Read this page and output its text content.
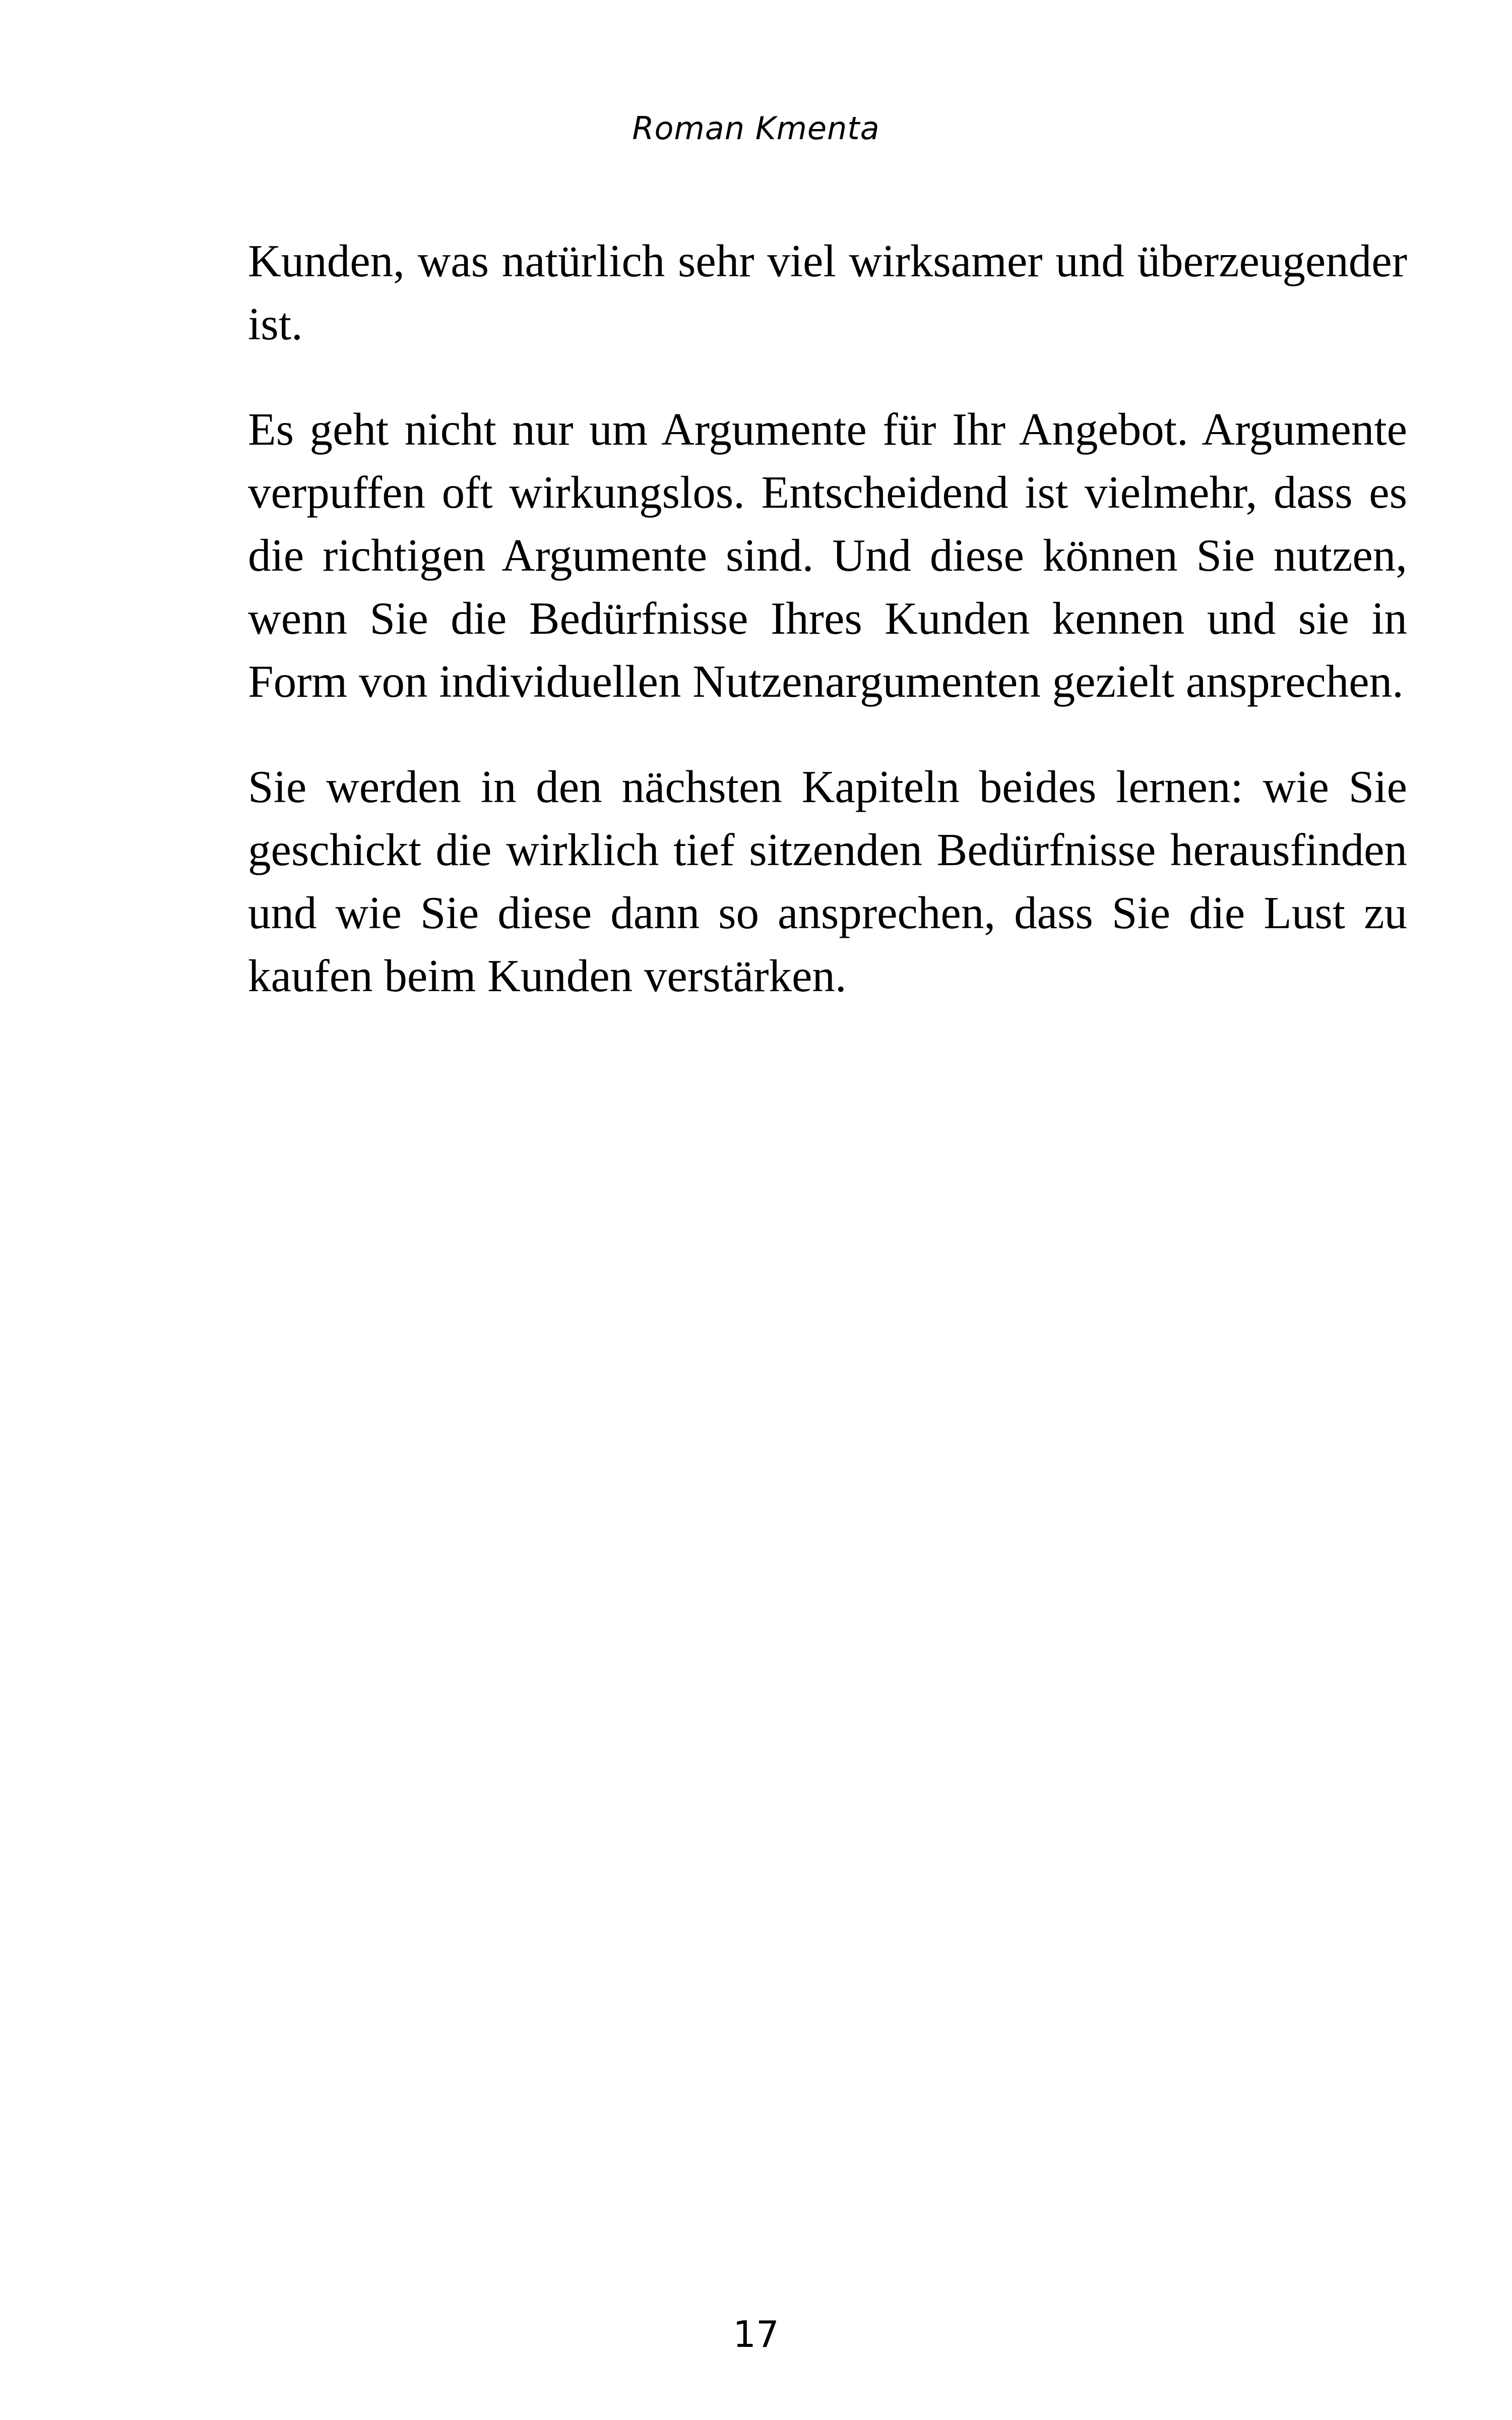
Roman Kmenta

Kunden, was natürlich sehr viel wirksamer und überzeugender ist.

Es geht nicht nur um Argumente für Ihr Angebot. Argumente verpuffen oft wirkungslos. Entscheidend ist vielmehr, dass es die richtigen Argumente sind. Und diese können Sie nutzen, wenn Sie die Bedürfnisse Ihres Kunden kennen und sie in Form von individuellen Nutzenargumenten gezielt ansprechen.

Sie werden in den nächsten Kapiteln beides lernen: wie Sie geschickt die wirklich tief sitzenden Bedürfnisse herausfinden und wie Sie diese dann so ansprechen, dass Sie die Lust zu kaufen beim Kunden verstärken.

17
